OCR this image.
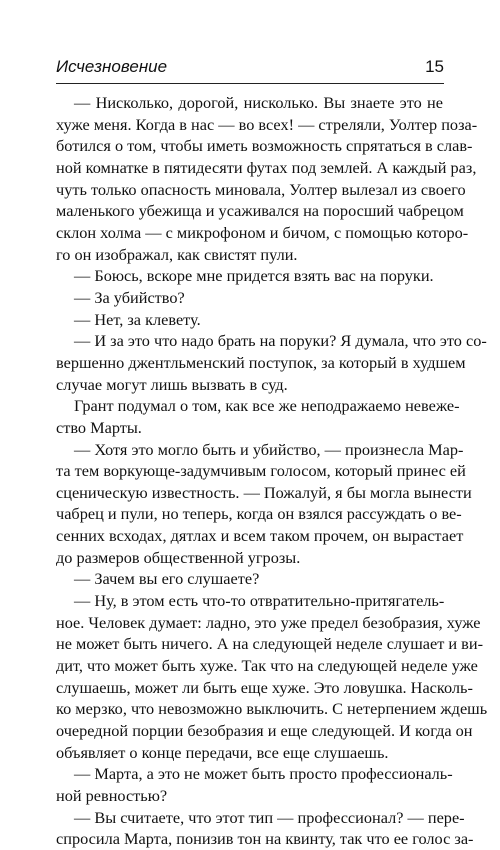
Исчезновение	15
— Нисколько, дорогой, нисколько. Вы знаете это не
хуже меня. Когда в нас — во всех! — стреляли, Уолтер поза-
ботился о том, чтобы иметь возможность спрятаться в слав-
ной комнатке в пятидесяти футах под землей. А каждый раз,
чуть только опасность миновала, Уолтер вылезал из своего
маленького убежища и усаживался на поросший чабрецом
склон холма — с микрофоном и бичом, с помощью которо-
го он изображал, как свистят пули.
— Боюсь, вскоре мне придется взять вас на поруки.
— За убийство?
— Нет, за клевету.
— И за это что надо брать на поруки? Я думала, что это со-
вершенно джентльменский поступок, за который в худшем
случае могут лишь вызвать в суд.
Грант подумал о том, как все же неподражаемо невеже-
ство Марты.
— Хотя это могло быть и убийство, — произнесла Мар-
та тем воркующе-задумчивым голосом, который принес ей
сценическую известность. — Пожалуй, я бы могла вынести
чабрец и пули, но теперь, когда он взялся рассуждать о ве-
сенних всходах, дятлах и всем таком прочем, он вырастает
до размеров общественной угрозы.
— Зачем вы его слушаете?
— Ну, в этом есть что-то отвратительно-притягатель-
ное. Человек думает: ладно, это уже предел безобразия, хуже
не может быть ничего. А на следующей неделе слушает и ви-
дит, что может быть хуже. Так что на следующей неделе уже
слушаешь, может ли быть еще хуже. Это ловушка. Насколь-
ко мерзко, что невозможно выключить. С нетерпением ждешь
очередной порции безобразия и еще следующей. И когда он
объявляет о конце передачи, все еще слушаешь.
— Марта, а это не может быть просто профессиональ-
ной ревностью?
— Вы считаете, что этот тип — профессионал? — пере-
спросила Марта, понизив тон на квинту, так что ее голос за-
